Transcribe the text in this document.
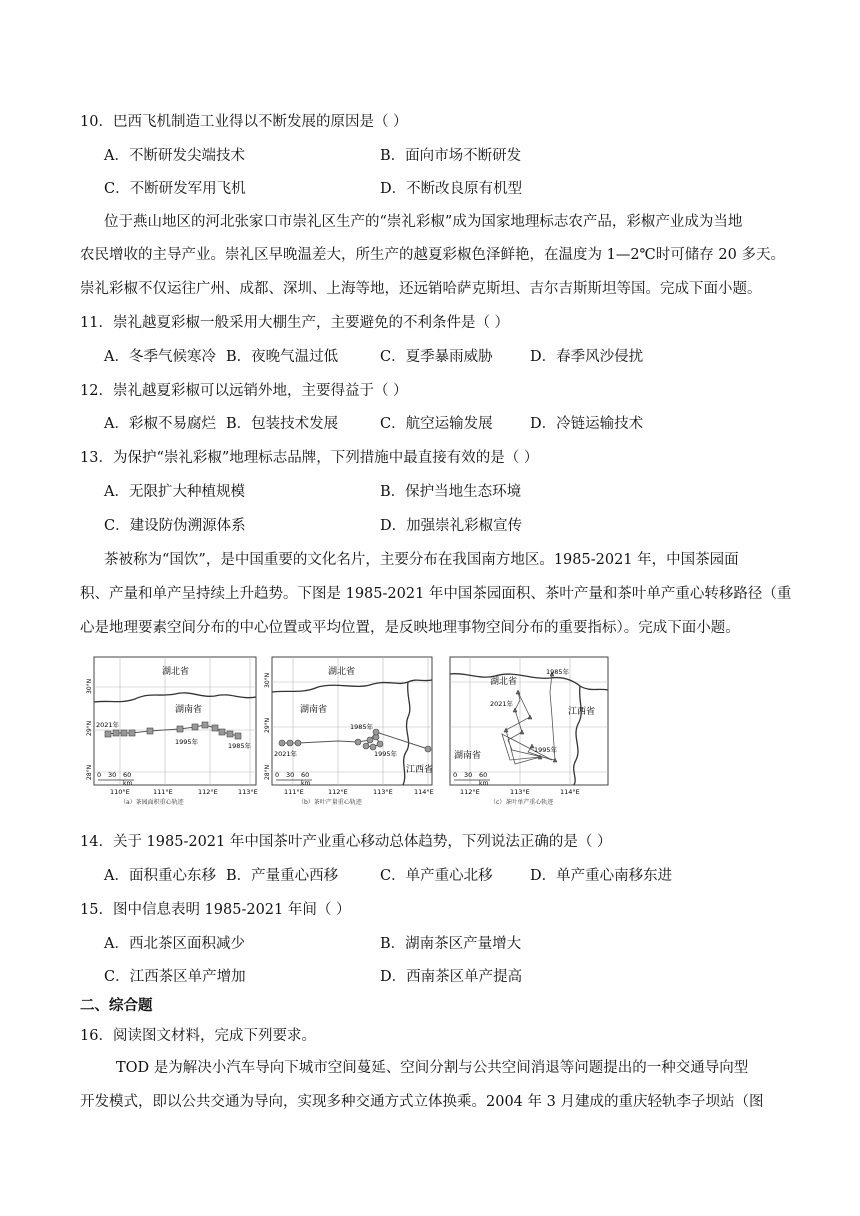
10．巴西飞机制造工业得以不断发展的原因是（ ）
A．不断研发尖端技术	B．面向市场不断研发
C．不断研发军用飞机	D．不断改良原有机型
位于燕山地区的河北张家口市崇礼区生产的“崇礼彩椒”成为国家地理标志农产品，彩椒产业成为当地
农民增收的主导产业。崇礼区早晚温差大，所生产的越夏彩椒色泽鲜艳，在温度为 1—2℃时可储存 20 多天。
崇礼彩椒不仅运往广州、成都、深圳、上海等地，还远销哈萨克斯坦、吉尔吉斯斯坦等国。完成下面小题。
11．崇礼越夏彩椒一般采用大棚生产，主要避免的不利条件是（ ）
A．冬季气候寒冷 B．夜晚气温过低	C．夏季暴雨威胁	D．春季风沙侵扰
12．崇礼越夏彩椒可以远销外地，主要得益于（ ）
A．彩椒不易腐烂 B．包装技术发展	C．航空运输发展	D．冷链运输技术
13．为保护“崇礼彩椒”地理标志品牌，下列措施中最直接有效的是（ ）
A．无限扩大种植规模	B．保护当地生态环境
C．建设防伪溯源体系	D．加强崇礼彩椒宣传
茶被称为“国饮”，是中国重要的文化名片，主要分布在我国南方地区。1985-2021 年，中国茶园面
积、产量和单产呈持续上升趋势。下图是 1985-2021 年中国茶园面积、茶叶产量和茶叶单产重心转移路径（重
心是地理要素空间分布的中心位置或平均位置，是反映地理事物空间分布的重要指标）。完成下面小题。
湖北省
湖南省
2021年
1995年	1985年
30°N
29°N
28°N 0 30 60
km
110°E	111°E	112°E	113°E
（a）茶园面积重心轨迹
湖北省
湖南省
江西省
2021年
1985年
1995年
30°N
29°N
28°N 0 30 60
km
111°E	112°E	113°E	114°E
（b）茶叶产量重心轨迹
湖北省
江西省
湖南省
1985年
2021年
1995年
0 30 60
km
112°E	113°E	114°E
（c）茶叶单产重心轨迹
14．关于 1985-2021 年中国茶叶产业重心移动总体趋势，下列说法正确的是（ ）
A．面积重心东移 B．产量重心西移	C．单产重心北移	D．单产重心南移东进
15．图中信息表明 1985-2021 年间（ ）
A．西北茶区面积减少	B．湖南茶区产量增大
C．江西茶区单产增加	D．西南茶区单产提高
二、综合题
16．阅读图文材料，完成下列要求。
TOD 是为解决小汽车导向下城市空间蔓延、空间分割与公共空间消退等问题提出的一种交通导向型
开发模式，即以公共交通为导向，实现多种交通方式立体换乘。2004 年 3 月建成的重庆轻轨李子坝站（图
